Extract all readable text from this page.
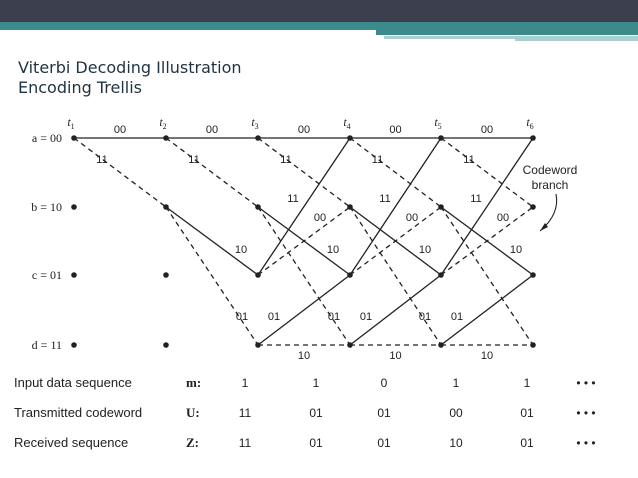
Viterbi Decoding Illustration
Encoding Trellis
$t_1$	$t_2$	$t_3$	$t_4$	$t_5$	$t_6$
a = 00
b = 10
c = 01
d = 11
00
11
00
11
10
00
11
10
11
00
01 01
10
00
11
10
11
00
01 01
10
00
11
10
11
00
01 01
10
Codeword
branch
Input data sequence	m:	1	1	0	1	1	• • •
Transmitted codeword	U:	11	01	01	00	01	• • •
Received sequence	Z:	11	01	01	10	01	• • •
